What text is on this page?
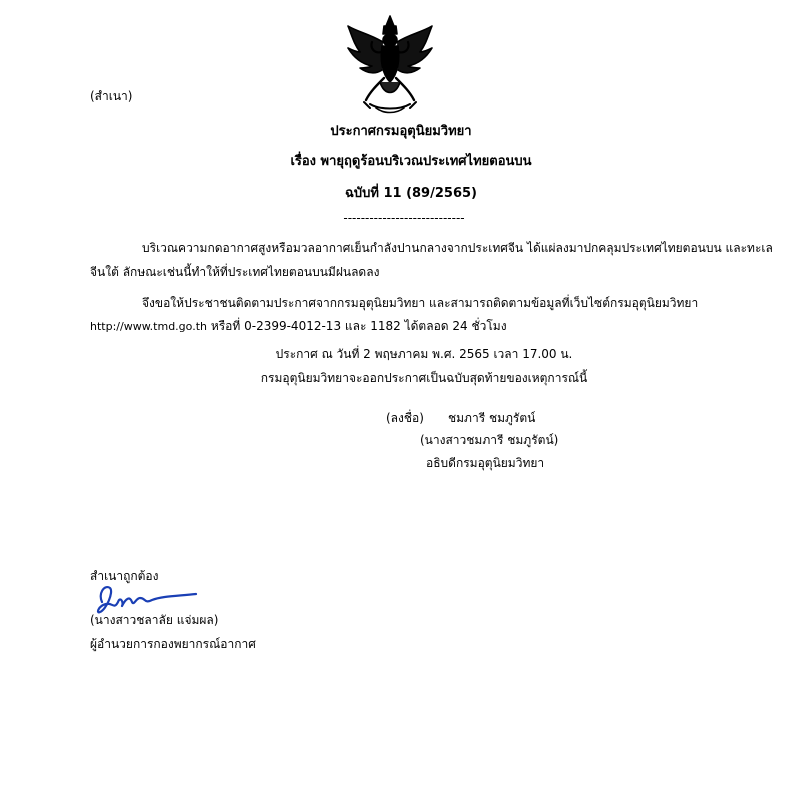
(สำเนา)
ประกาศกรมอุตุนิยมวิทยา
เรื่อง พายุฤดูร้อนบริเวณประเทศไทยตอนบน
ฉบับที่ 11 (89/2565)
----------------------------
บริเวณความกดอากาศสูงหรือมวลอากาศเย็นกำลังปานกลางจากประเทศจีน ได้แผ่ลงมาปกคลุมประเทศไทยตอนบน และทะเล
จีนใต้ ลักษณะเช่นนี้ทำให้ที่ประเทศไทยตอนบนมีฝนลดลง
จึงขอให้ประชาชนติดตามประกาศจากกรมอุตุนิยมวิทยา และสามารถติดตามข้อมูลที่เว็บไซต์กรมอุตุนิยมวิทยา
http://www.tmd.go.th หรือที่ 0-2399-4012-13 และ 1182 ได้ตลอด 24 ชั่วโมง
ประกาศ ณ วันที่ 2 พฤษภาคม พ.ศ. 2565 เวลา 17.00 น.
กรมอุตุนิยมวิทยาจะออกประกาศเป็นฉบับสุดท้ายของเหตุการณ์นี้
(ลงชื่อ) ชมภารี ชมภูรัตน์
(นางสาวชมภารี ชมภูรัตน์)
อธิบดีกรมอุตุนิยมวิทยา
สำเนาถูกต้อง
(นางสาวชลาลัย แจ่มผล)
ผู้อำนวยการกองพยากรณ์อากาศ
